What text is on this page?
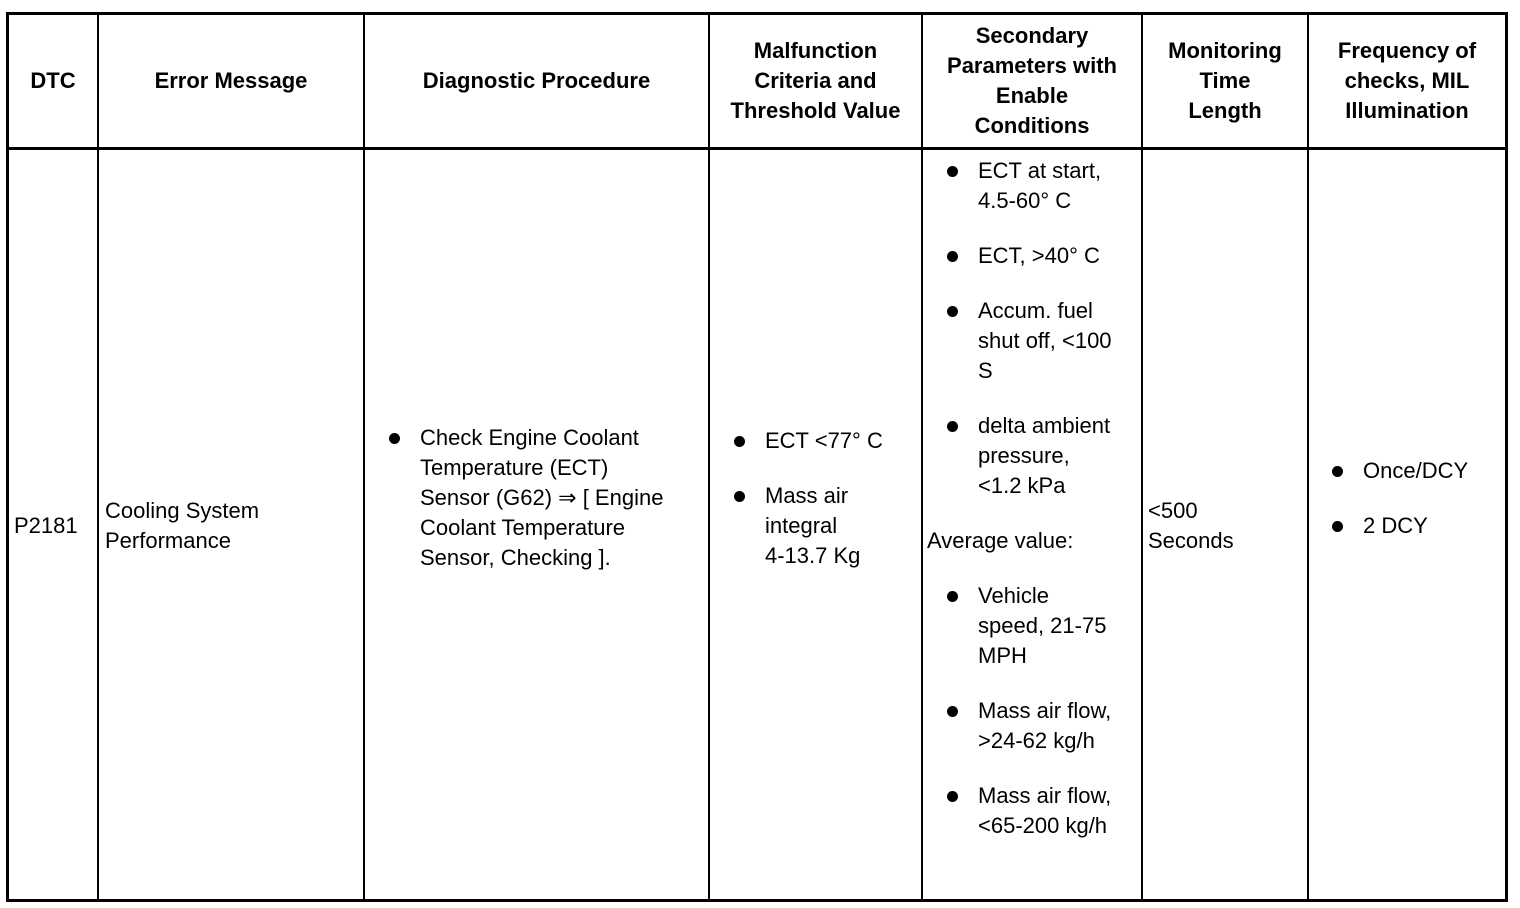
DTC	Error Message	Diagnostic Procedure
Malfunction
Criteria and
Threshold Value
Secondary
Parameters with
Enable
Conditions
Monitoring
Time
Length
Frequency of
checks, MIL
Illumination
P2181
Cooling System
Performance
Check Engine Coolant
Temperature (ECT)
Sensor (G62) ⇒ [ Engine
Coolant Temperature
Sensor, Checking ].
ECT <77° C
Mass air
integral
4-13.7 Kg
ECT at start,
4.5-60° C
ECT, >40° C
Accum. fuel
shut off, <100
S
delta ambient
pressure,
<1.2 kPa
Average value:
Vehicle
speed, 21-75
MPH
Mass air flow,
>24-62 kg/h
Mass air flow,
<65-200 kg/h
<500
Seconds
Once/DCY
2 DCY
